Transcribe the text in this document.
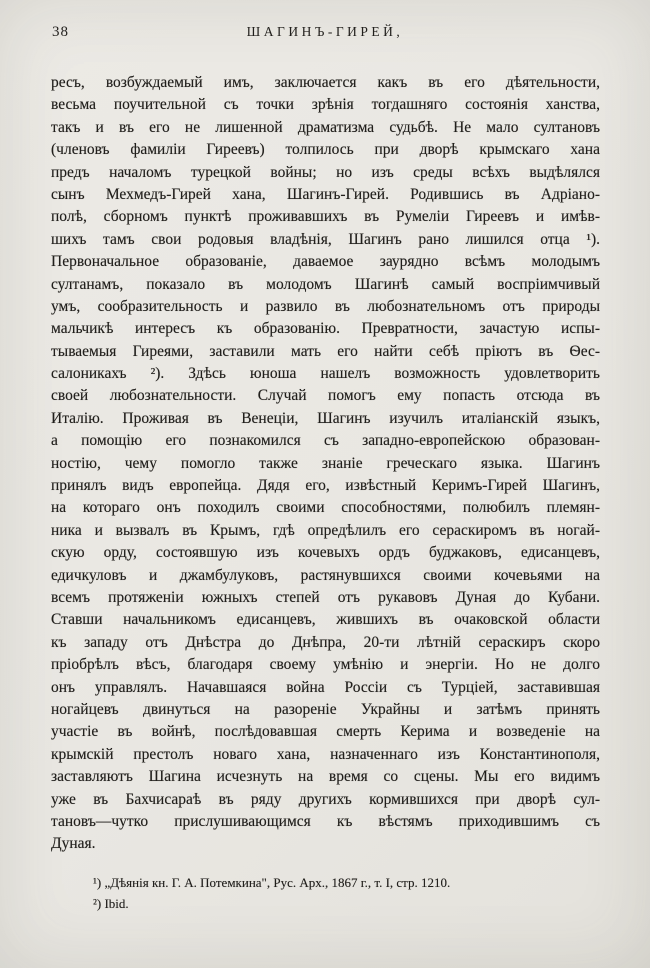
38	ШАГИНЪ-ГИРЕЙ,
ресъ, возбуждаемый имъ, заключается какъ въ его дѣятельности,
весьма поучительной съ точки зрѣнія тогдашняго состоянія ханства,
такъ и въ его не лишенной драматизма судьбѣ. Не мало султановъ
(членовъ фамиліи Гиреевъ) толпилось при дворѣ крымскаго хана
предъ началомъ турецкой войны; но изъ среды всѣхъ выдѣлялся
сынъ Мехмедъ-Гирей хана, Шагинъ-Гирей. Родившись въ Адріано-
полѣ, сборномъ пунктѣ проживавшихъ въ Румеліи Гиреевъ и имѣв-
шихъ тамъ свои родовыя владѣнія, Шагинъ рано лишился отца ¹).
Первоначальное образованіе, даваемое заурядно всѣмъ молодымъ
султанамъ, показало въ молодомъ Шагинѣ самый воспріимчивый
умъ, сообразительность и развило въ любознательномъ отъ природы
мальчикѣ интересъ къ образованію. Превратности, зачастую испы-
тываемыя Гиреями, заставили мать его найти себѣ пріютъ въ Ѳес-
салоникахъ ²). Здѣсь юноша нашелъ возможность удовлетворить
своей любознательности. Случай помогъ ему попасть отсюда въ
Италію. Проживая въ Венеціи, Шагинъ изучилъ италіанскій языкъ,
а помощію его познакомился съ западно-европейскою образован-
ностію, чему помогло также знаніе греческаго языка. Шагинъ
принялъ видъ европейца. Дядя его, извѣстный Керимъ-Гирей Шагинъ,
на котораго онъ походилъ своими способностями, полюбилъ племян-
ника и вызвалъ въ Крымъ, гдѣ опредѣлилъ его сераскиромъ въ ногай-
скую орду, состоявшую изъ кочевыхъ ордъ буджаковъ, едисанцевъ,
едичкуловъ и джамбулуковъ, растянувшихся своими кочевьями на
всемъ протяженіи южныхъ степей отъ рукавовъ Дуная до Кубани.
Ставши начальникомъ едисанцевъ, жившихъ въ очаковской области
къ западу отъ Днѣстра до Днѣпра, 20-ти лѣтній сераскиръ скоро
пріобрѣлъ вѣсъ, благодаря своему умѣнію и энергіи. Но не долго
онъ управлялъ. Начавшаяся война Россіи съ Турціей, заставившая
ногайцевъ двинуться на разореніе Украйны и затѣмъ принять
участіе въ войнѣ, послѣдовавшая смерть Керима и возведеніе на
крымскій престолъ новаго хана, назначеннаго изъ Константинополя,
заставляютъ Шагина исчезнуть на время со сцены. Мы его видимъ
уже въ Бахчисараѣ въ ряду другихъ кормившихся при дворѣ сул-
тановъ—чутко прислушивающимся къ вѣстямъ приходившимъ съ
Дуная.
¹) „Дѣянія кн. Г. А. Потемкина", Рус. Арх., 1867 г., т. I, стр. 1210.
²) Ibid.
